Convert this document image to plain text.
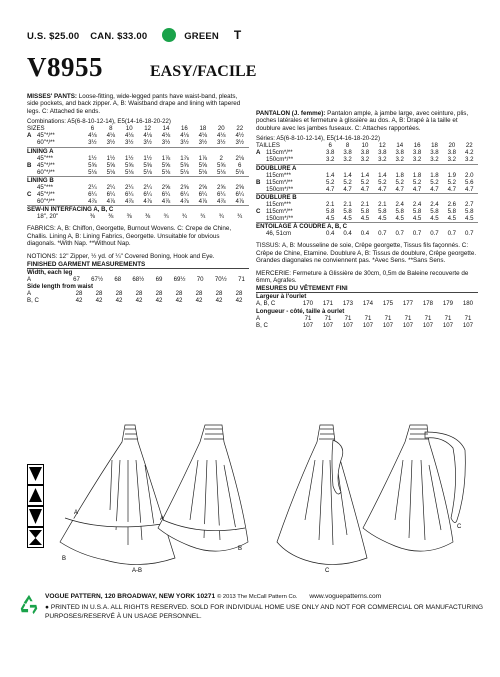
U.S. $25.00 CAN. $33.00	GREEN T
V8955	EASY/FACILE
MISSES' PANTS: Loose-fitting, wide-legged pants have waist-band, pleats, side pockets, and back zipper. A, B: Waistband drape and lining with tapered legs. C: Attached tie ends.
Combinations: A5(6-8-10-12-14), E5(14-16-18-20-22)
SIZES		6	8	10	12	14	16	18	20	22
A	45"*/**	4⅛	4⅛	4⅛	4⅛	4⅛	4⅛	4⅛	4⅛	4½
	60"*/**	3½	3½	3½	3½	3½	3½	3½	3½	3½
LINING A										
	45"***	1½	1½	1½	1½	1⅞	1⅞	1⅞	2	2⅛
B	45"*/**	5⅝	5⅝	5⅝	5⅝	5⅝	5⅝	5⅝	5⅝	6
	60"*/**	5⅛	5⅛	5⅛	5⅛	5⅛	5⅛	5⅛	5⅛	5⅛
LINING B										
	45"***	2¼	2¼	2¼	2¼	2⅝	2⅝	2⅝	2⅝	2⅝
C	45"*/**	6¼	6¼	6¼	6¼	6¼	6¼	6¼	6¼	6¼
	60"*/**	4⅞	4⅞	4⅞	4⅞	4⅞	4⅞	4⅞	4⅞	4⅞
SEW-IN INTERFACING A, B, C										
	18", 20"	⅜	⅜	⅜	⅜	¾	¾	¾	¾	¾
FABRICS: A, B: Chiffon, Georgette, Burnout Wovens. C: Crepe de Chine, Challis. Lining A, B: Lining Fabrics, Georgette. Unsuitable for obvious diagonals. *With Nap. **Without Nap.
NOTIONS: 12" Zipper, ½ yd. of ¼" Covered Boning, Hook and Eye.
FINISHED GARMENT MEASUREMENTS
Width, each leg
A	67	67½	68	68½	69	69½	70	70½	71
Side length from waist
A	28	28	28	28	28	28	28	28	28
B, C	42	42	42	42	42	42	42	42	42
PANTALON (J. femme): Pantalon ample, à jambe large, avec ceinture, plis, poches latérales et fermeture à glissière au dos. A, B: Drapé à la taille et doublure avec les jambes fuseaux. C: Attaches rapportées.
Séries: A5(6-8-10-12-14), E5(14-16-18-20-22)
TAILLES		6	8	10	12	14	16	18	20	22
A	115cm*/**	3.8	3.8	3.8	3.8	3.8	3.8	3.8	3.8	4.2
	150cm*/**	3.2	3.2	3.2	3.2	3.2	3.2	3.2	3.2	3.2
DOUBLURE A										
	115cm***	1.4	1.4	1.4	1.4	1.8	1.8	1.8	1.9	2.0
B	115cm*/**	5.2	5.2	5.2	5.2	5.2	5.2	5.2	5.2	5.6
	150cm*/**	4.7	4.7	4.7	4.7	4.7	4.7	4.7	4.7	4.7
DOUBLURE B										
	115cm***	2.1	2.1	2.1	2.1	2.4	2.4	2.4	2.6	2.7
C	115cm*/**	5.8	5.8	5.8	5.8	5.8	5.8	5.8	5.8	5.8
	150cm*/**	4.5	4.5	4.5	4.5	4.5	4.5	4.5	4.5	4.5
ENTOILAGE À COUDRE A, B, C										
	46, 51cm	0.4	0.4	0.4	0.7	0.7	0.7	0.7	0.7	0.7
TISSUS: A, B: Mousseline de soie, Crêpe georgette, Tissus fils façonnés. C: Crêpe de Chine, Etamine. Doublure A, B: Tissus de doublure, Crêpe georgette. Grandes diagonales ne conviennent pas. *Avec Sens. **Sans Sens.
MERCERIE: Fermeture à Glissière de 30cm, 0,5m de Baleine recouverte de 6mm, Agrafes.
MESURES DU VÊTEMENT FINI
Largeur à l'ourlet
A, B, C	170	171	173	174	175	177	178	179	180
Longueur - côté, taille à ourlet
A	71	71	71	71	71	71	71	71	71
B, C	107	107	107	107	107	107	107	107	107
A
B
A-B
A
B
C
C
VOGUE PATTERN, 120 BROADWAY, NEW YORK 10271 © 2013 The McCall Pattern Co. www.voguepatterns.com
● PRINTED IN U.S.A. ALL RIGHTS RESERVED. SOLD FOR INDIVIDUAL HOME USE ONLY AND NOT FOR COMMERCIAL OR MANUFACTURING PURPOSES/RESERVÉ À UN USAGE PERSONNEL.
